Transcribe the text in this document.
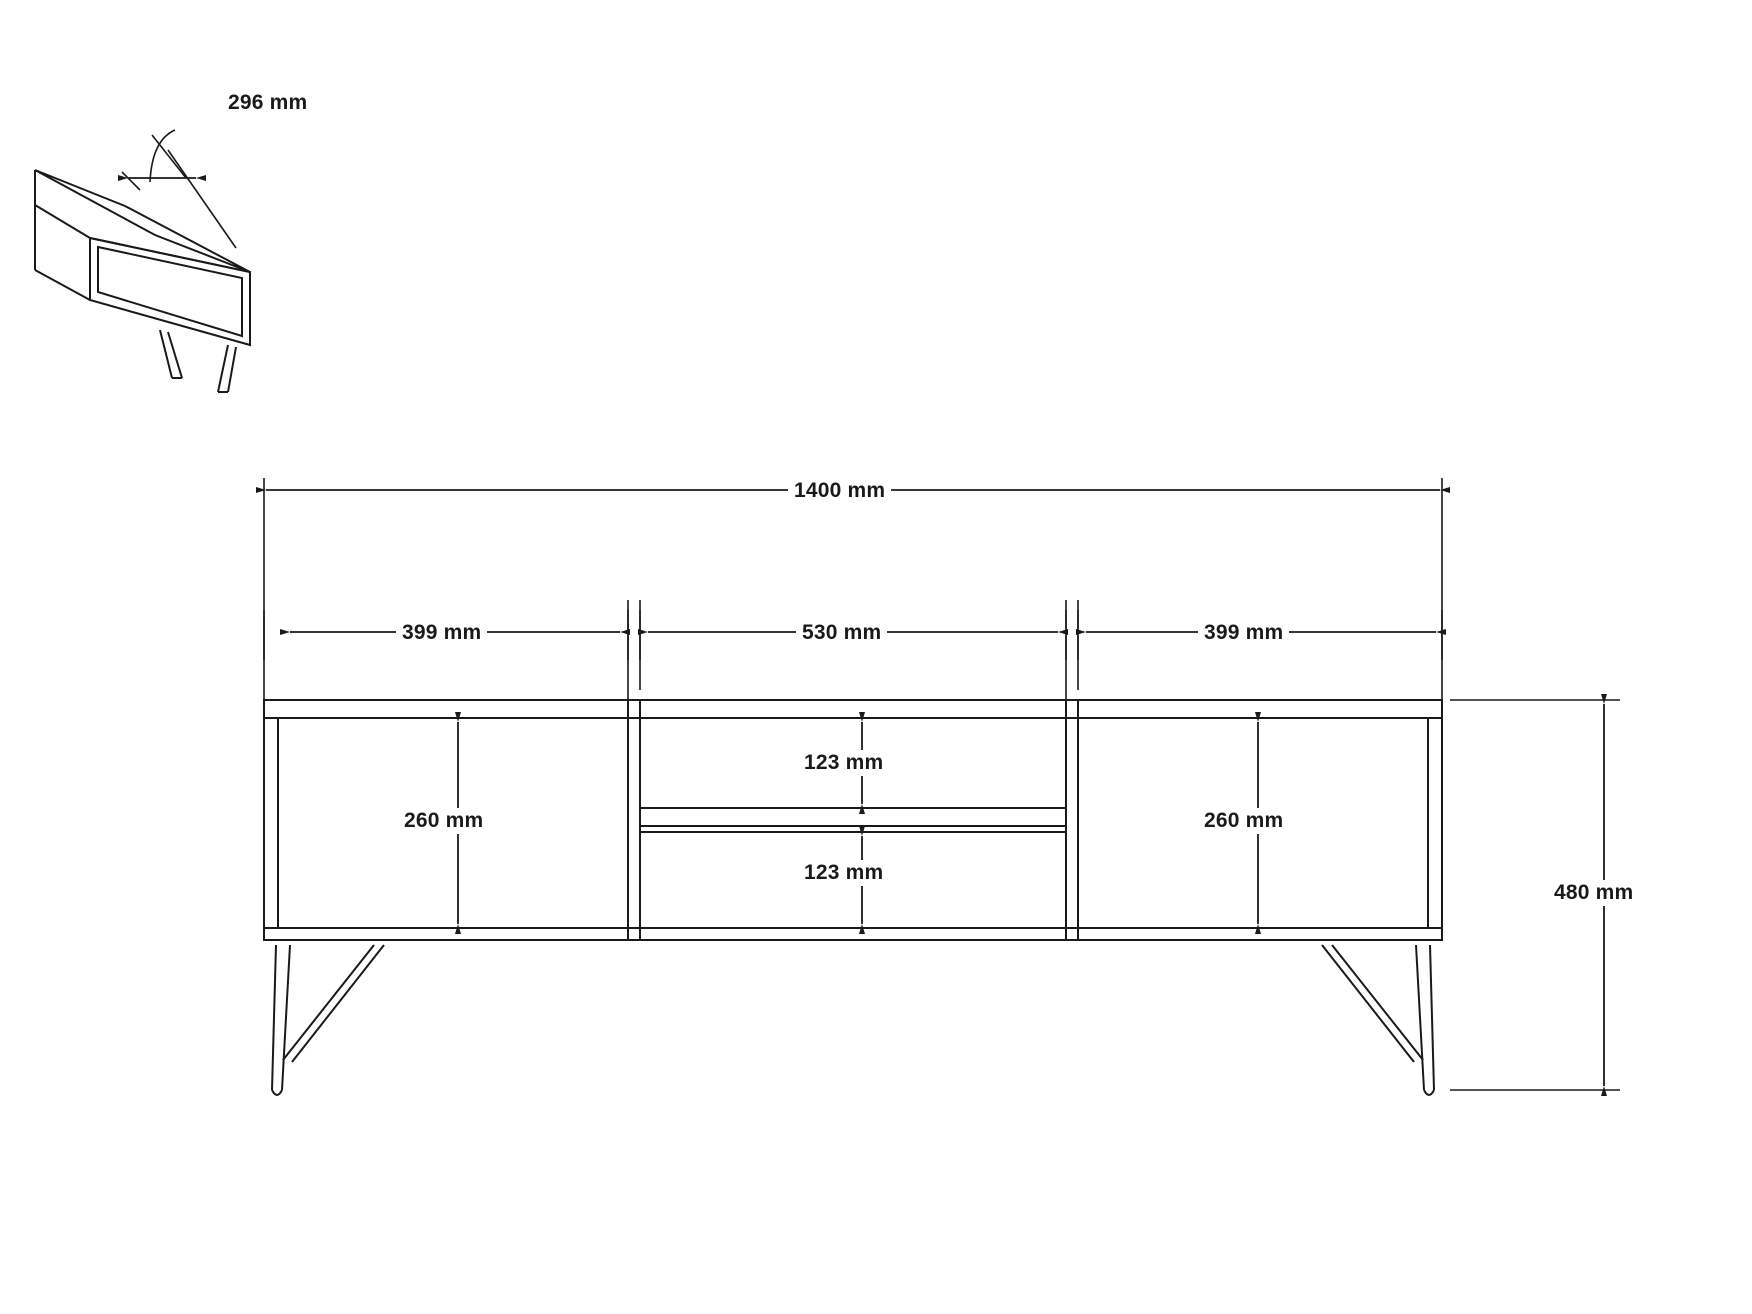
296 mm
1400 mm
399 mm	530 mm	399 mm
260 mm	260 mm
123 mm
123 mm
480 mm
